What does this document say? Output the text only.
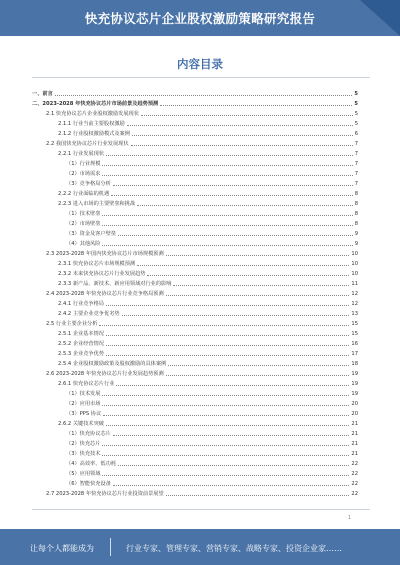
快充协议芯片企业股权激励策略研究报告
内容目录
一、前言	5
二、2023-2028 年快充协议芯片市场前景及趋势预测	5
2.1 快充协议芯片企业股权激励发展现状	5
2.1.1 行业当前主要股权激励	5
2.1.2 行业股权激励模式及案例	6
2.2 我国快充协议芯片行业发展现状	7
2.2.1 行业发展现状	7
（1）行业规模	7
（2）市场需求	7
（3）竞争格局分析	7
2.2.2 行业面临的机遇	8
2.2.3 进入市场的主要壁垒和挑战	8
（1）技术壁垒	8
（2）市场壁垒	8
（3）资金及客户壁垒	9
（4）其他风险	9
2.3 2023-2028 年国内快充协议芯片市场规模预测	10
2.3.1 快充协议芯片市场规模预测	10
2.3.2 未来快充协议芯片行业发展趋势	10
2.3.3 新产品、新技术、新应用领域对行业的影响	11
2.4 2023-2028 年快充协议芯片行业竞争格局预测	12
2.4.1 行业竞争格局	12
2.4.2 主要企业竞争优劣势	13
2.5 行业主要企业分析	15
2.5.1 企业基本情况	15
2.5.2 企业经营情况	16
2.5.3 企业竞争优势	17
2.5.4 企业股权激励政策及股权激励的具体案例	18
2.6 2023-2028 年快充协议芯片行业发展趋势预测	19
2.6.1 快充协议芯片行业	19
（1）技术发展	19
（2）应用市场	20
（3）PPS 协议	20
2.6.2 关键技术突破	21
（1）快充协议芯片	21
（2）快充芯片	21
（3）快充技术	21
（4）高效率、低功耗	22
（5）应用领域	22
（6）智能快充设备	22
2.7 2023-2028 年快充协议芯片行业投资前景展望	22
1
让每个人都能成为	行业专家、管理专家、营销专家、战略专家、投资企业家……
